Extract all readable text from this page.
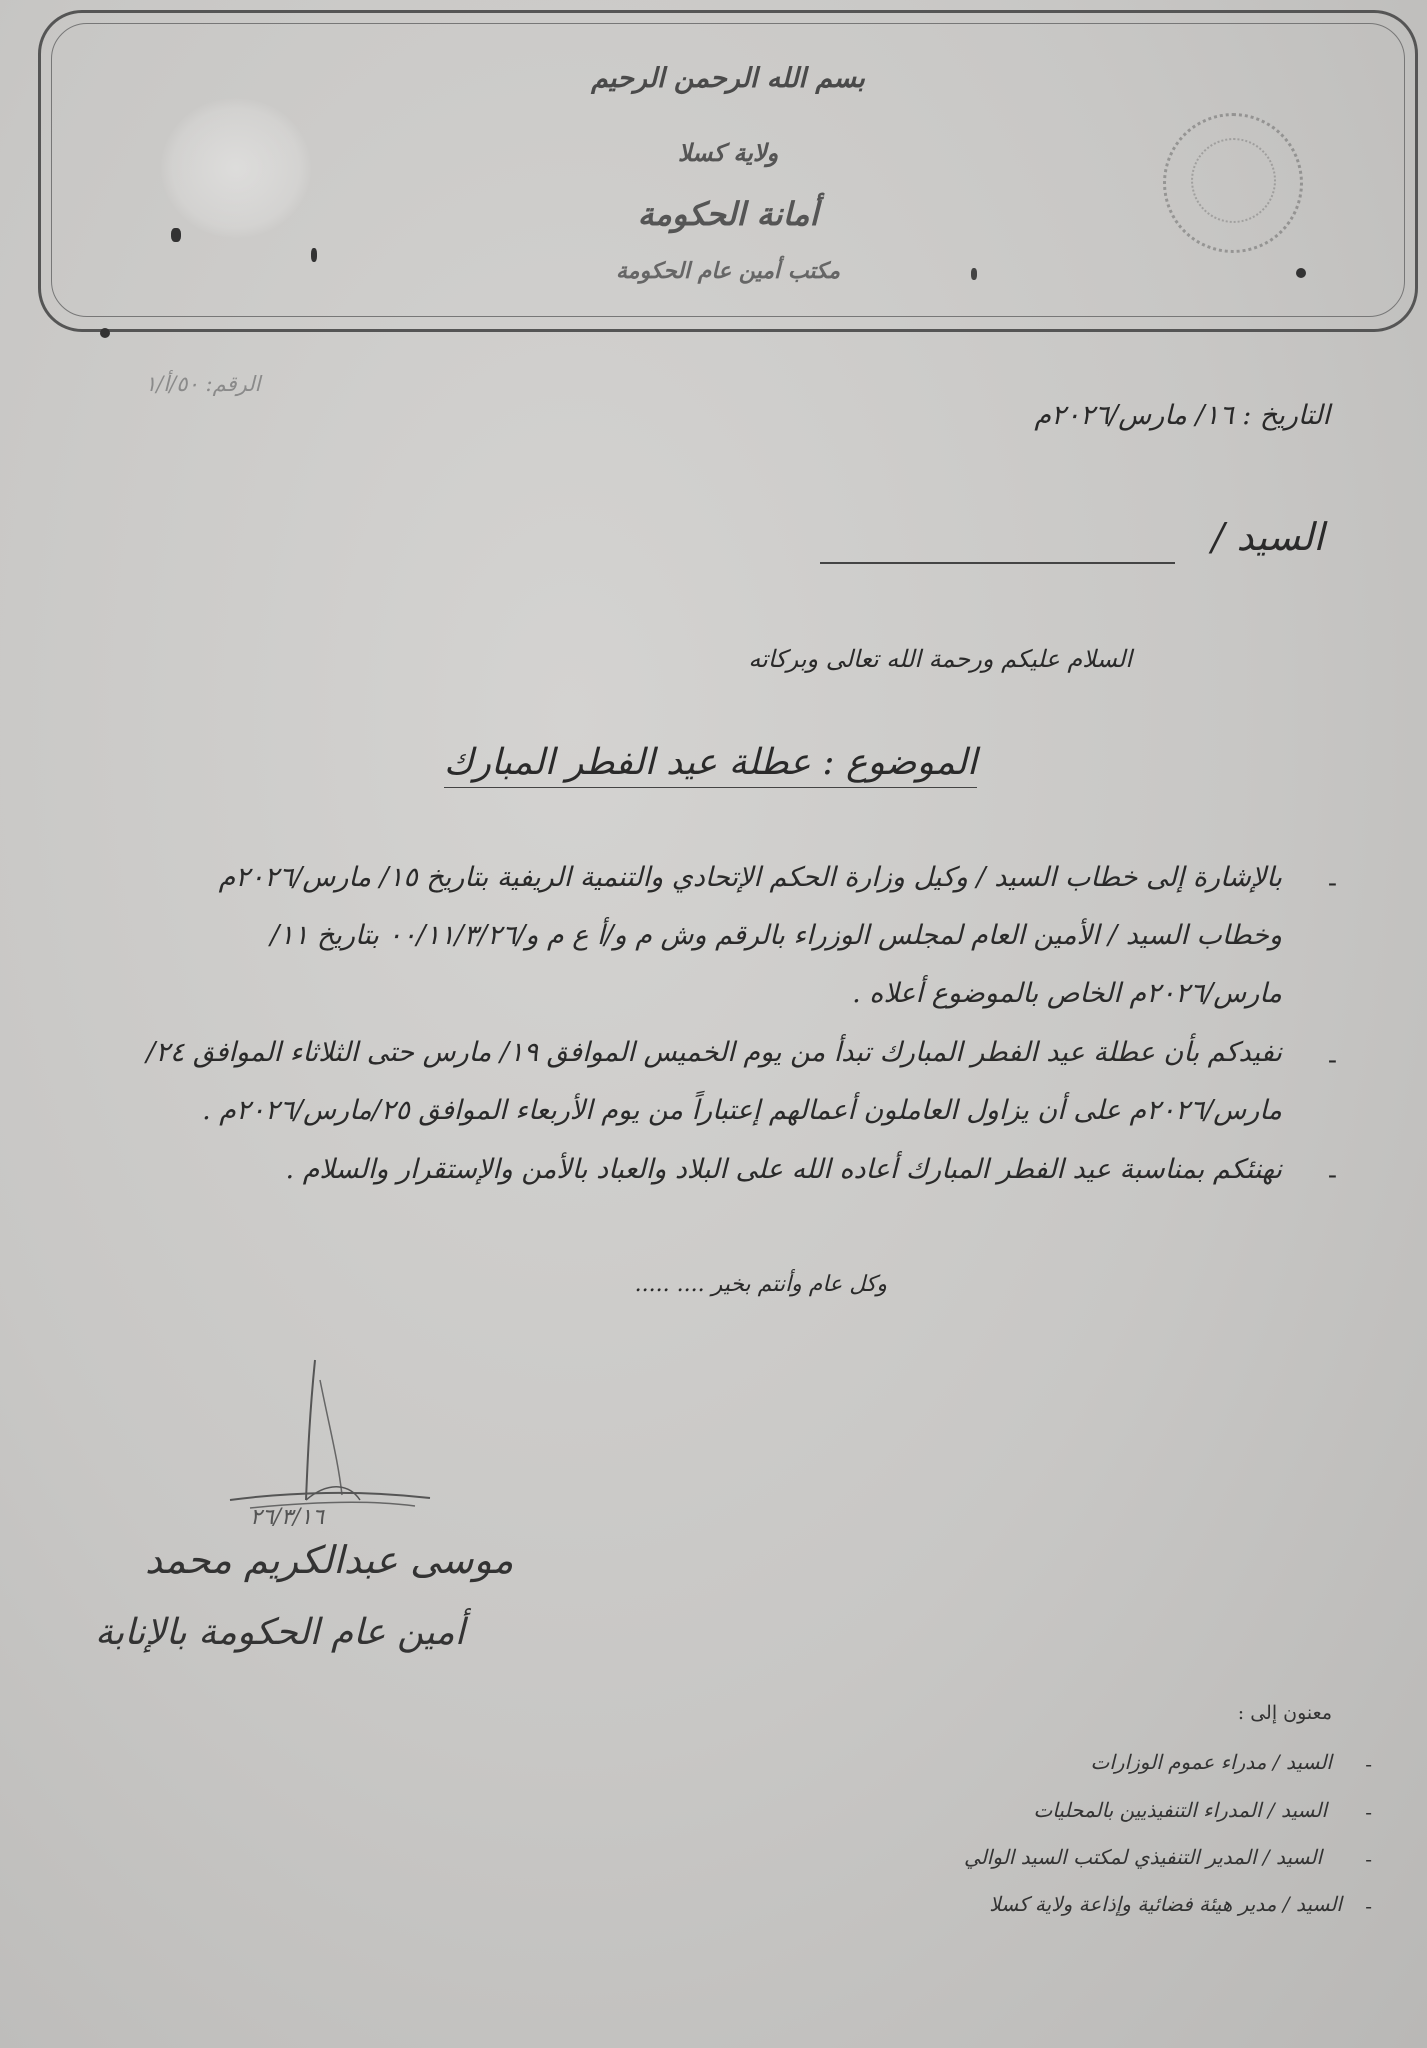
بسم الله الرحمن الرحيم
ولاية كسلا
أمانة الحكومة
مكتب أمين عام الحكومة
الرقم: ٥٠/أ/١
التاريخ : ١٦/ مارس/٢٠٢٦م
السيد /
السلام عليكم ورحمة الله تعالى وبركاته
الموضوع : عطلة عيد الفطر المبارك
-
بالإشارة إلى خطاب السيد / وكيل وزارة الحكم الإتحادي والتنمية الريفية بتاريخ ١٥/ مارس/٢٠٢٦م
وخطاب السيد / الأمين العام لمجلس الوزراء بالرقم وش م و/أ ع م و/٠٠/١١/٣/٢٦ بتاريخ ١١/
مارس/٢٠٢٦م الخاص بالموضوع أعلاه .
-
نفيدكم بأن عطلة عيد الفطر المبارك تبدأ من يوم الخميس الموافق ١٩/ مارس حتى الثلاثاء الموافق ٢٤/
مارس/٢٠٢٦م على أن يزاول العاملون أعمالهم إعتباراً من يوم الأربعاء الموافق ٢٥/مارس/٢٠٢٦م .
-
نهنئكم بمناسبة عيد الفطر المبارك أعاده الله على البلاد والعباد بالأمن والإستقرار والسلام .
وكل عام وأنتم بخير .... .....
٢٦/٣/١٦
موسى عبدالكريم محمد
أمين عام الحكومة بالإنابة
معنون إلى :
-
السيد / مدراء عموم الوزارات
-
السيد / المدراء التنفيذيين بالمحليات
-
السيد / المدير التنفيذي لمكتب السيد الوالي
-
السيد / مدير هيئة فضائية وإذاعة ولاية كسلا
